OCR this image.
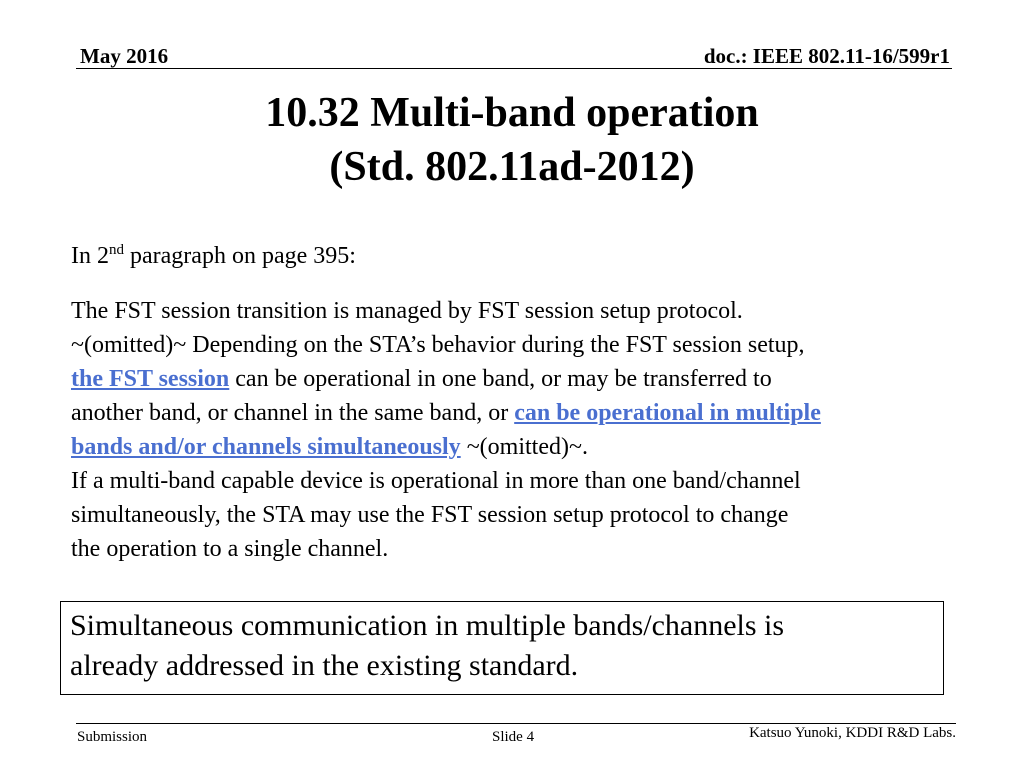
May 2016	doc.: IEEE 802.11-16/599r1
10.32 Multi-band operation
(Std. 802.11ad-2012)
In 2nd paragraph on page 395:
The FST session transition is managed by FST session setup protocol.
~(omitted)~ Depending on the STA’s behavior during the FST session setup,
the FST session can be operational in one band, or may be transferred to
another band, or channel in the same band, or can be operational in multiple
bands and/or channels simultaneously ~(omitted)~.
If a multi-band capable device is operational in more than one band/channel
simultaneously, the STA may use the FST session setup protocol to change
the operation to a single channel.
Simultaneous communication in multiple bands/channels is
already addressed in the existing standard.
Submission	Slide 4	Katsuo Yunoki, KDDI R&D Labs.
